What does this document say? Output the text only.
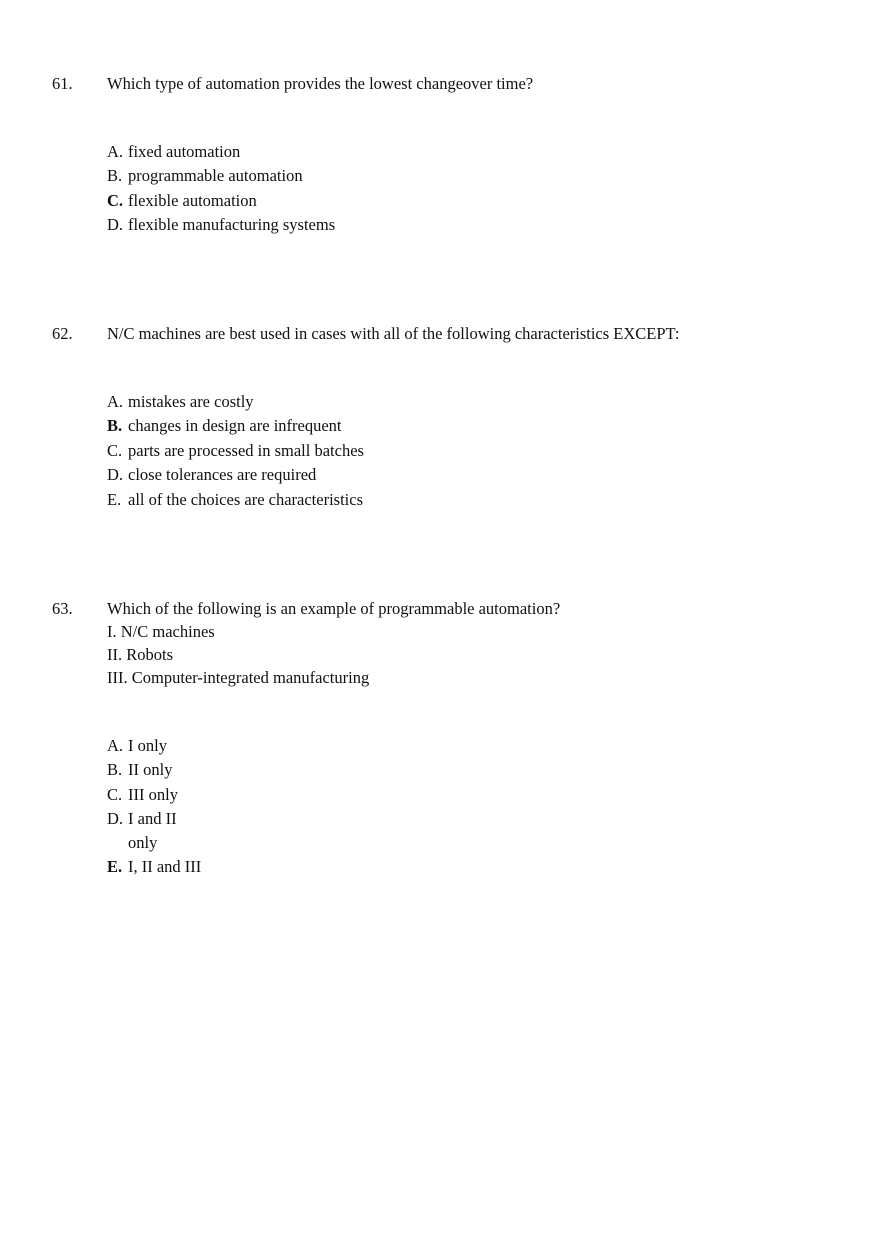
61. Which type of automation provides the lowest changeover time?
A. fixed automation
B. programmable automation
C. flexible automation
D. flexible manufacturing systems
62. N/C machines are best used in cases with all of the following characteristics EXCEPT:
A. mistakes are costly
B. changes in design are infrequent
C. parts are processed in small batches
D. close tolerances are required
E. all of the choices are characteristics
63. Which of the following is an example of programmable automation?
I. N/C machines
II. Robots
III. Computer-integrated manufacturing
A. I only
B. II only
C. III only
D. I and II only
E. I, II and III
